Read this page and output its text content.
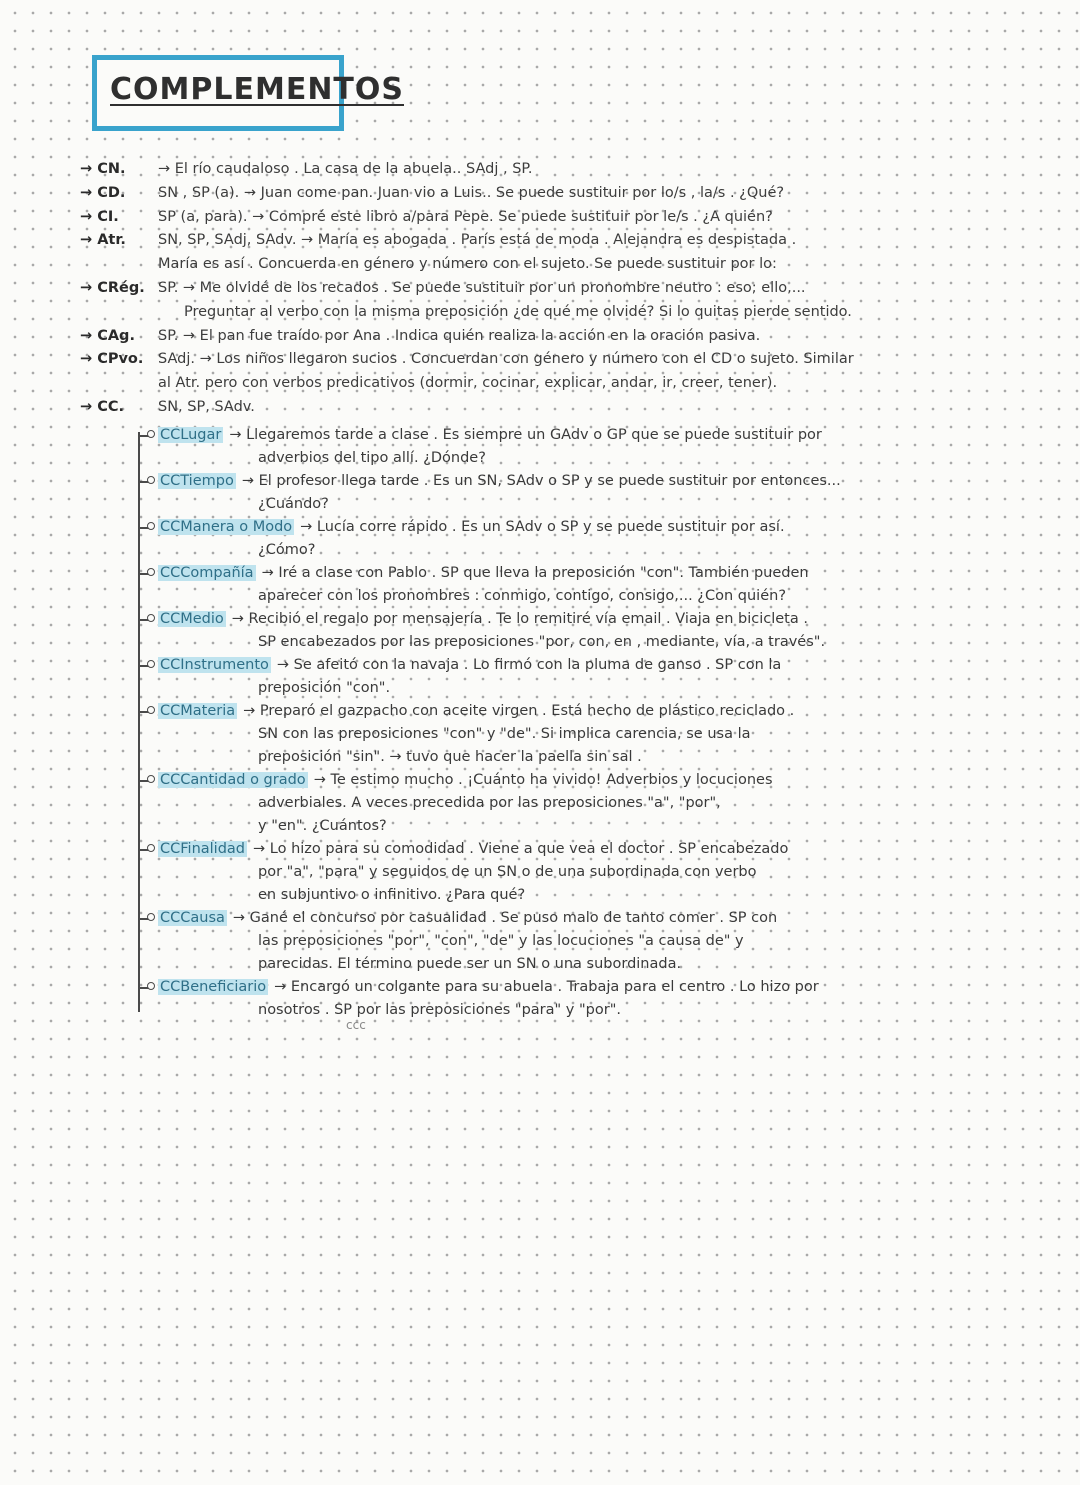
COMPLEMENTOS
→ CN.	→ El río caudaloso . La casa de la abuela.. SAdj , SP.
→ CD.	SN , SP (a). → Juan come pan. Juan vio a Luis.. Se puede sustituir por lo/s , la/s . ¿Qué?
→ CI.	SP (a, para). → Compré este libro a/para Pepe. Se puede sustituir por le/s . ¿A quién?
→ Atr.	SN, SP, SAdj, SAdv. → María es abogada . París está de moda . Alejandra es despistada .
María es así . Concuerda en género y número con el sujeto. Se puede sustituir por lo:
→ CRég. SP. → Me olvidé de los recados . Se puede sustituir por un pronombre neutro : eso; ello,...
Preguntar al verbo con la misma preposición ¿de qué me olvidé? Si lo quitas pierde sentido.
→ CAg.	SP. → El pan fue traído por Ana . Indica quién realiza la acción en la oración pasiva.
→ CPvo.	SAdj. → Los niños llegaron sucios . Concuerdan con género y número con el CD o sujeto. Similar
al Atr. pero con verbos predicativos (dormir, cocinar, explicar, andar, ir, creer, tener).
→ CC.	SN, SP, SAdv.
CCLugar → Llegaremos tarde a clase . Es siempre un GAdv o GP que se puede sustituir por
adverbios del tipo allí. ¿Dónde?
CCTiempo → El profesor llega tarde . Es un SN, SAdv o SP y se puede sustituir por entonces...
¿Cuándo?
CCManera o Modo → Lucía corre rápido . Es un SAdv o SP y se puede sustituir por así.
¿Cómo?
CCCompañía → Iré a clase con Pablo . SP que lleva la preposición "con". También pueden
aparecer con los pronombres : conmigo, contigo, consigo,... ¿Con quién?
CCMedio → Recibió el regalo por mensajería . Te lo remitiré vía email . Viaja en bicicleta .
SP encabezados por las preposiciones "por, con, en , mediante, vía, a través".
CCInstrumento → Se afeitó con la navaja . Lo firmó con la pluma de ganso . SP con la
preposición "con".
CCMateria → Preparó el gazpacho con aceite virgen . Está hecho de plástico reciclado .
SN con las preposiciones "con" y "de". Si implica carencia, se usa la
preposición "sin". → tuvo que hacer la paella sin sal .
CCCantidad o grado → Te estimo mucho . ¡Cuánto ha vivido! Adverbios y locuciones
adverbiales. A veces precedida por las preposiciones "a", "por",
y "en". ¿Cuántos?
CCFinalidad → Lo hizo para su comodidad . Viene a que vea el doctor . SP encabezado
por "a", "para" y seguidos de un SN o de una subordinada con verbo
en subjuntivo o infinitivo. ¿Para qué?
CCCausa → Gané el concurso por casualidad . Se puso malo de tanto comer . SP con
las preposiciones "por", "con", "de" y las locuciones "a causa de" y
parecidas. El término puede ser un SN o una subordinada.
CCBeneficiario → Encargó un colgante para su abuela . Trabaja para el centro . Lo hizo por
nosotros . SP por las preposiciones "para" y "por".
ccc
